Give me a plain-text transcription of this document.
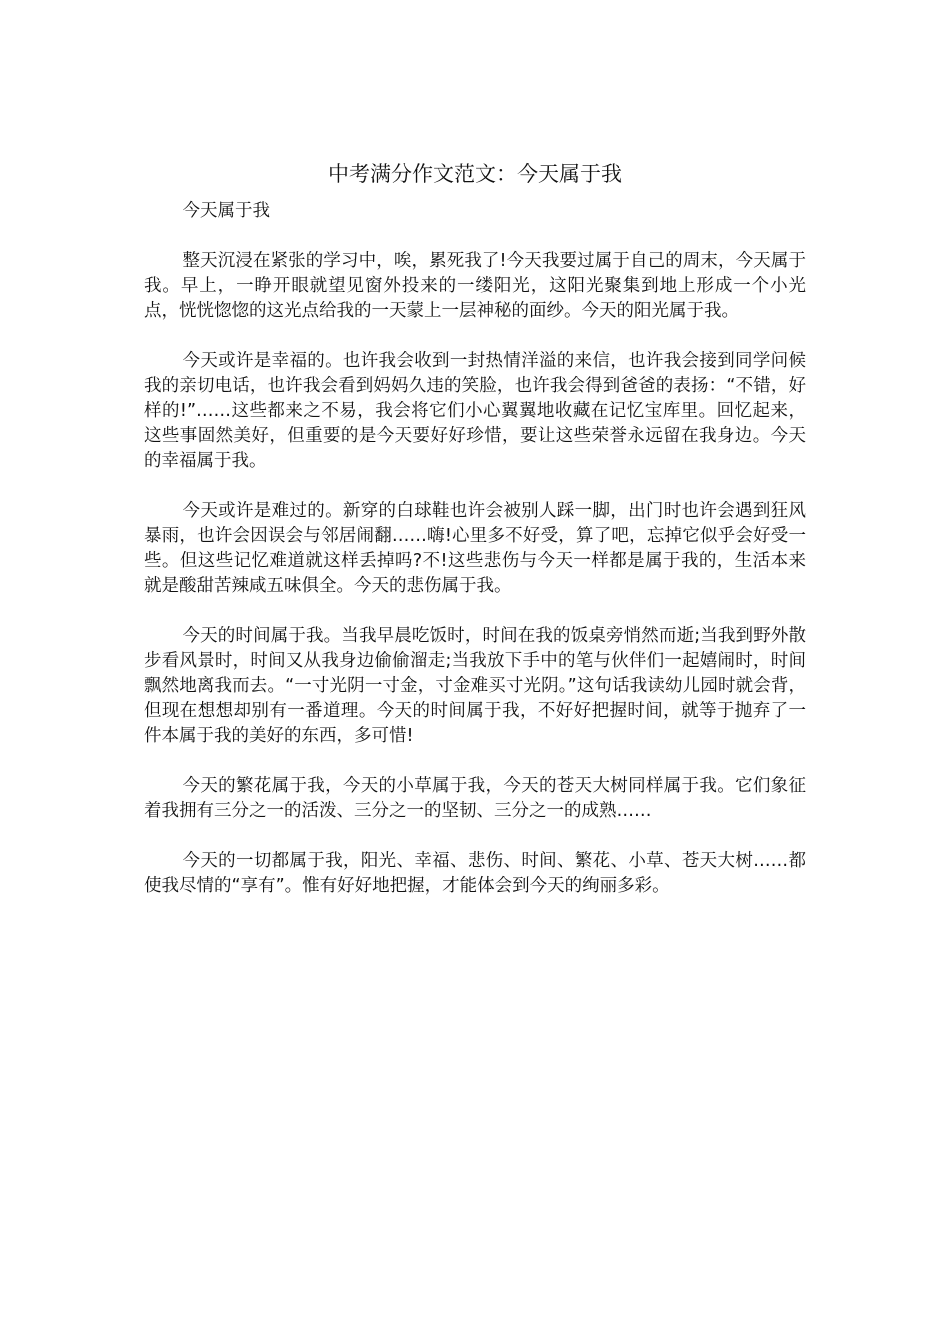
中考满分作文范文：今天属于我

今天属于我

整天沉浸在紧张的学习中，唉，累死我了!今天我要过属于自己的周末，今天属于我。早上，一睁开眼就望见窗外投来的一缕阳光，这阳光聚集到地上形成一个小光点，恍恍惚惚的这光点给我的一天蒙上一层神秘的面纱。今天的阳光属于我。

今天或许是幸福的。也许我会收到一封热情洋溢的来信，也许我会接到同学问候我的亲切电话，也许我会看到妈妈久违的笑脸，也许我会得到爸爸的表扬：“不错，好样的!”……这些都来之不易，我会将它们小心翼翼地收藏在记忆宝库里。回忆起来，这些事固然美好，但重要的是今天要好好珍惜，要让这些荣誉永远留在我身边。今天的幸福属于我。

今天或许是难过的。新穿的白球鞋也许会被别人踩一脚，出门时也许会遇到狂风暴雨，也许会因误会与邻居闹翻……嗨!心里多不好受，算了吧，忘掉它似乎会好受一些。但这些记忆难道就这样丢掉吗?不!这些悲伤与今天一样都是属于我的，生活本来就是酸甜苦辣咸五味俱全。今天的悲伤属于我。

今天的时间属于我。当我早晨吃饭时，时间在我的饭桌旁悄然而逝;当我到野外散步看风景时，时间又从我身边偷偷溜走;当我放下手中的笔与伙伴们一起嬉闹时，时间飘然地离我而去。“一寸光阴一寸金，寸金难买寸光阴。”这句话我读幼儿园时就会背，但现在想想却别有一番道理。今天的时间属于我，不好好把握时间，就等于抛弃了一件本属于我的美好的东西，多可惜!

今天的繁花属于我，今天的小草属于我，今天的苍天大树同样属于我。它们象征着我拥有三分之一的活泼、三分之一的坚韧、三分之一的成熟……

今天的一切都属于我，阳光、幸福、悲伤、时间、繁花、小草、苍天大树……都使我尽情的“享有”。惟有好好地把握，才能体会到今天的绚丽多彩。
